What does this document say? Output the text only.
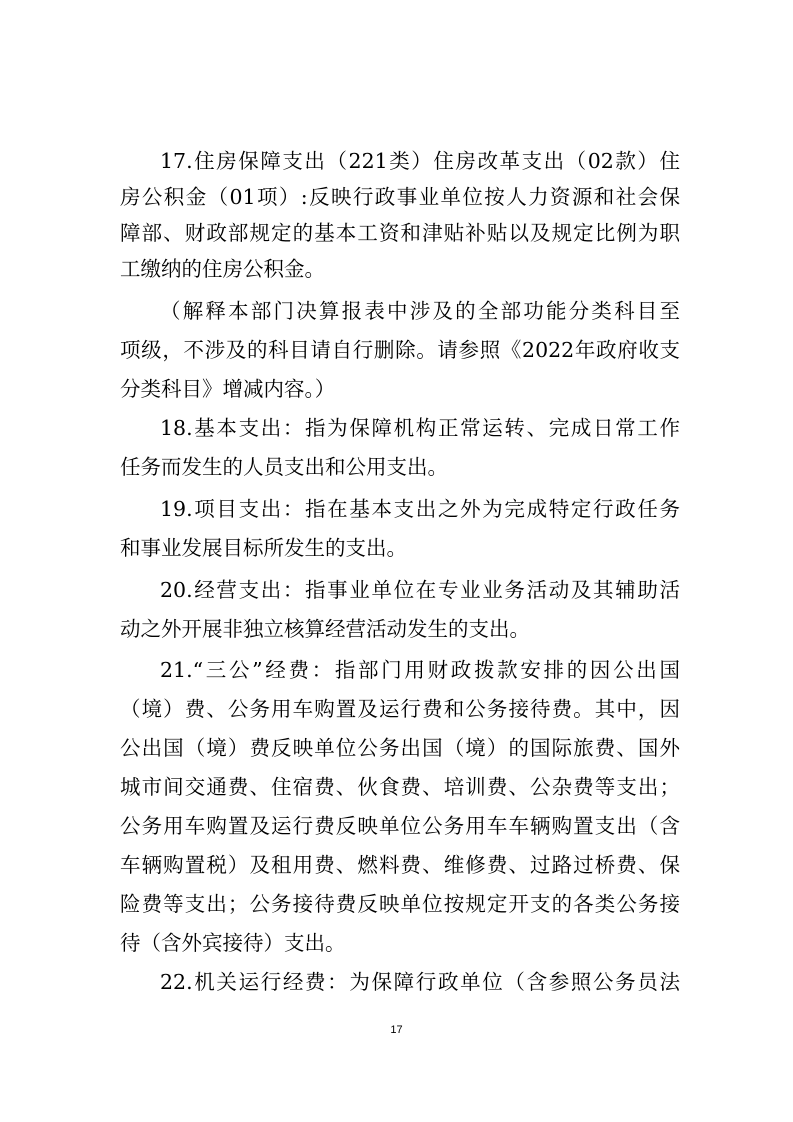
17.住房保障支出（221类）住房改革支出（02款）住
房公积金（01项）:反映行政事业单位按人力资源和社会保
障部、财政部规定的基本工资和津贴补贴以及规定比例为职
工缴纳的住房公积金。
（解释本部门决算报表中涉及的全部功能分类科目至
项级，不涉及的科目请自行删除。请参照《2022年政府收支
分类科目》增减内容。）
18.基本支出：指为保障机构正常运转、完成日常工作
任务而发生的人员支出和公用支出。
19.项目支出：指在基本支出之外为完成特定行政任务
和事业发展目标所发生的支出。
20.经营支出：指事业单位在专业业务活动及其辅助活
动之外开展非独立核算经营活动发生的支出。
21.“三公”经费：指部门用财政拨款安排的因公出国
（境）费、公务用车购置及运行费和公务接待费。其中，因
公出国（境）费反映单位公务出国（境）的国际旅费、国外
城市间交通费、住宿费、伙食费、培训费、公杂费等支出；
公务用车购置及运行费反映单位公务用车车辆购置支出（含
车辆购置税）及租用费、燃料费、维修费、过路过桥费、保
险费等支出；公务接待费反映单位按规定开支的各类公务接
待（含外宾接待）支出。
22.机关运行经费：为保障行政单位（含参照公务员法
17
